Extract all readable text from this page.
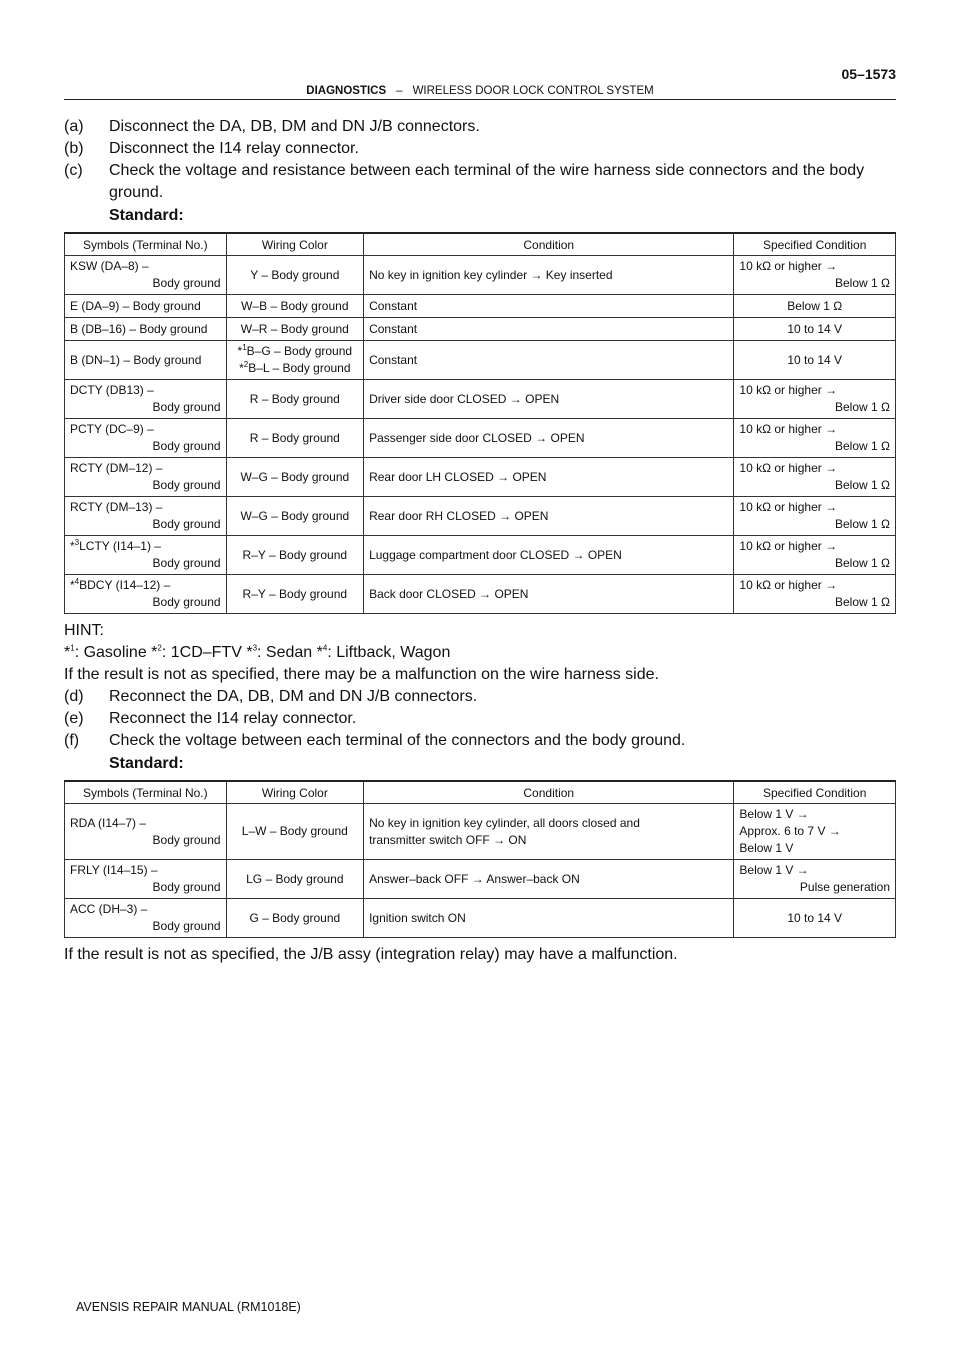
DIAGNOSTICS – WIRELESS DOOR LOCK CONTROL SYSTEM
05–1573
(a)	Disconnect the DA, DB, DM and DN J/B connectors.
(b)	Disconnect the I14 relay connector.
(c)	Check the voltage and resistance between each terminal of the wire harness side connectors and the body ground.
Standard:
Symbols (Terminal No.)	Wiring Color	Condition	Specified Condition

KSW (DA–8) –
Body ground	Y – Body ground	No key in ignition key cylinder → Key inserted	10 kΩ or higher →
Below 1 Ω

E (DA–9) – Body ground	W–B – Body ground	Constant	Below 1 Ω
B (DB–16) – Body ground	W–R – Body ground	Constant	10 to 14 V
B (DN–1) – Body ground	*$^1$B–G – Body ground
*$^2$B–L – Body ground	Constant	10 to 14 V

DCTY (DB13) –
Body ground	R – Body ground	Driver side door CLOSED → OPEN	10 kΩ or higher →
Below 1 Ω

PCTY (DC–9) –
Body ground	R – Body ground	Passenger side door CLOSED → OPEN	10 kΩ or higher →
Below 1 Ω

RCTY (DM–12) –
Body ground	W–G – Body ground	Rear door LH CLOSED → OPEN	10 kΩ or higher →
Below 1 Ω

RCTY (DM–13) –
Body ground	W–G – Body ground	Rear door RH CLOSED → OPEN	10 kΩ or higher →
Below 1 Ω

*$^3$LCTY (I14–1) –
Body ground	R–Y – Body ground	Luggage compartment door CLOSED → OPEN	10 kΩ or higher →
Below 1 Ω

*$^4$BDCY (I14–12) –
Body ground	R–Y – Body ground	Back door CLOSED → OPEN	10 kΩ or higher →
Below 1 Ω
HINT:
*$^1$: Gasoline *$^2$: 1CD–FTV *$^3$: Sedan *$^4$: Liftback, Wagon
If the result is not as specified, there may be a malfunction on the wire harness side.
(d)	Reconnect the DA, DB, DM and DN J/B connectors.
(e)	Reconnect the I14 relay connector.
(f)	Check the voltage between each terminal of the connectors and the body ground.
Standard:
Symbols (Terminal No.)	Wiring Color	Condition	Specified Condition

RDA (I14–7) –
Body ground	L–W – Body ground	No key in ignition key cylinder, all doors closed and
transmitter switch OFF → ON	Below 1 V →
Approx. 6 to 7 V →
Below 1 V

FRLY (I14–15) –
Body ground	LG – Body ground	Answer–back OFF → Answer–back ON	Below 1 V →
Pulse generation

ACC (DH–3) –
Body ground	G – Body ground	Ignition switch ON	10 to 14 V
If the result is not as specified, the J/B assy (integration relay) may have a malfunction.
AVENSIS REPAIR MANUAL (RM1018E)
